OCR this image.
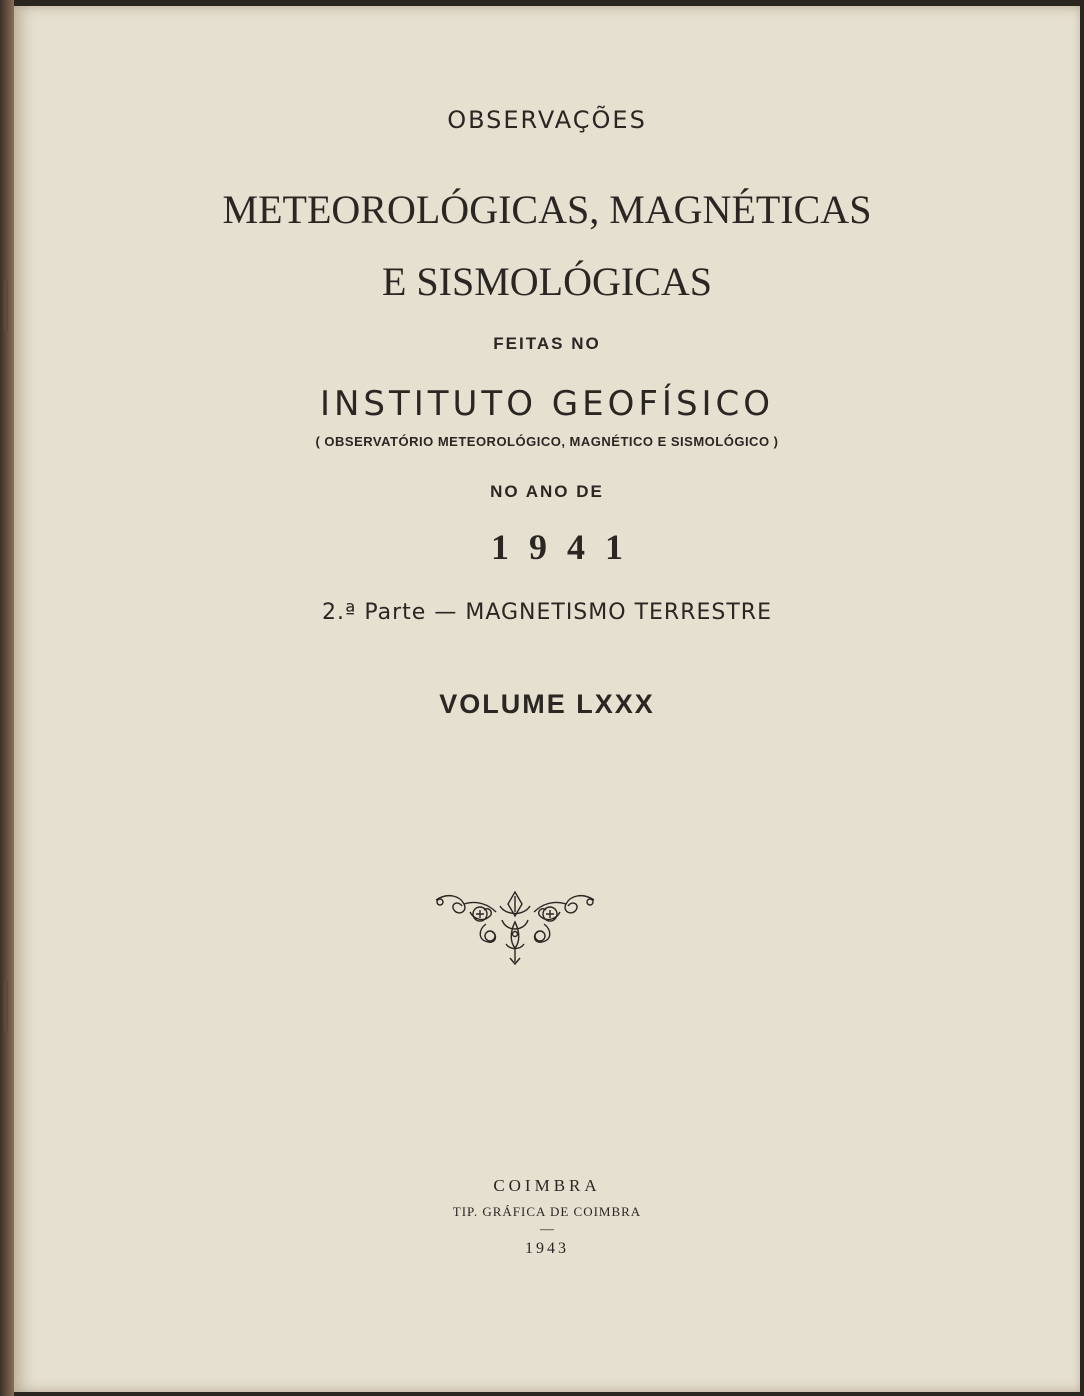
OBSERVAÇÕES
METEOROLÓGICAS, MAGNÉTICAS
E SISMOLÓGICAS
FEITAS NO
INSTITUTO GEOFÍSICO
( OBSERVATÓRIO METEOROLÓGICO, MAGNÉTICO E SISMOLÓGICO )
NO ANO DE
1941
2.ª Parte — MAGNETISMO TERRESTRE
VOLUME LXXX
COIMBRA
TIP. GRÁFICA DE COIMBRA
—
1943
